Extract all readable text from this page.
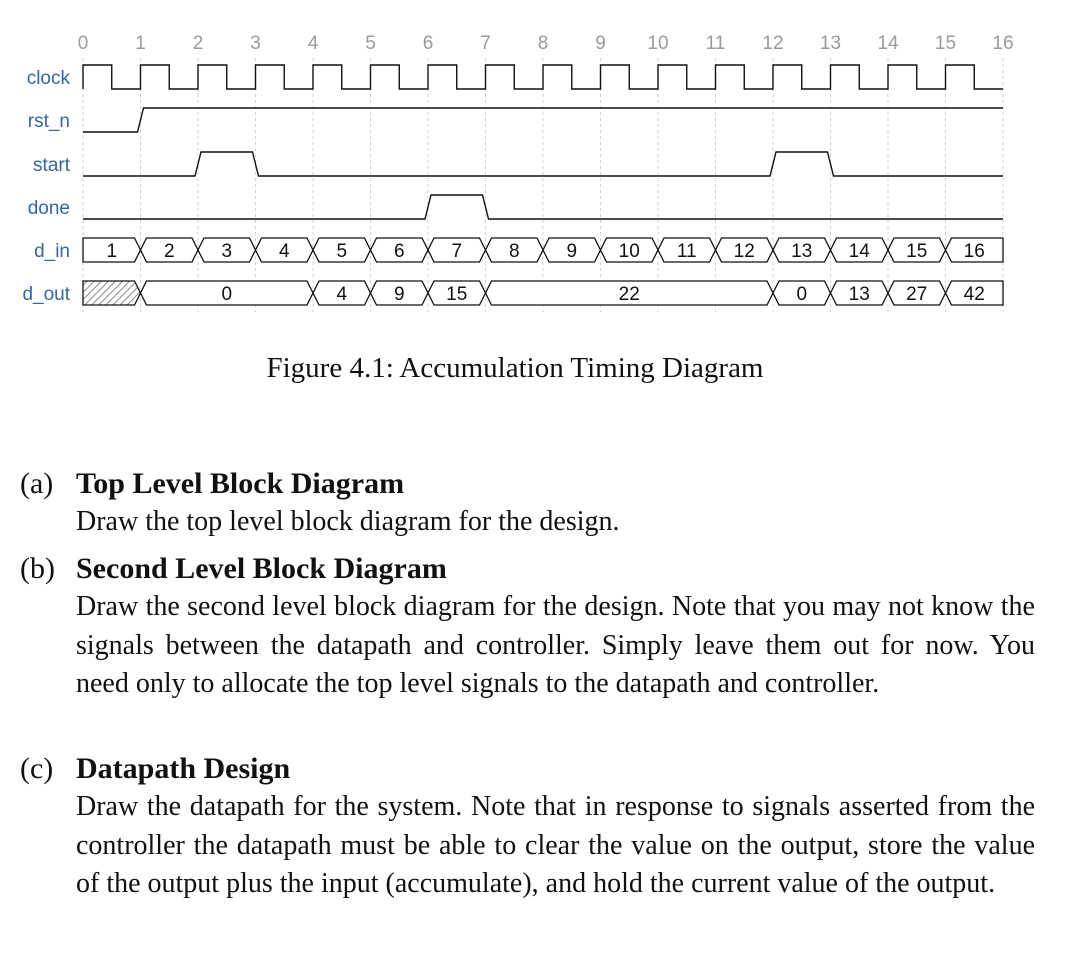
0 1 2 3 4 5 6 7 8 9 10 11 12 13 14 15 16
clock
rst_n
start
done
d_in
d_out
1 2 3 4 5 6 7 8 9 10 11 12 13 14 15 16
0	4 9 15	22	0 13 27 42
Figure 4.1: Accumulation Timing Diagram
(a) Top Level Block Diagram
Draw the top level block diagram for the design.
(b) Second Level Block Diagram
Draw the second level block diagram for the design. Note that you may not know the signals between the datapath and controller. Simply leave them out for now. You need only to allocate the top level signals to the datapath and controller.
(c) Datapath Design
Draw the datapath for the system. Note that in response to signals asserted from the controller the datapath must be able to clear the value on the output, store the value of the output plus the input (accumulate), and hold the current value of the output.
